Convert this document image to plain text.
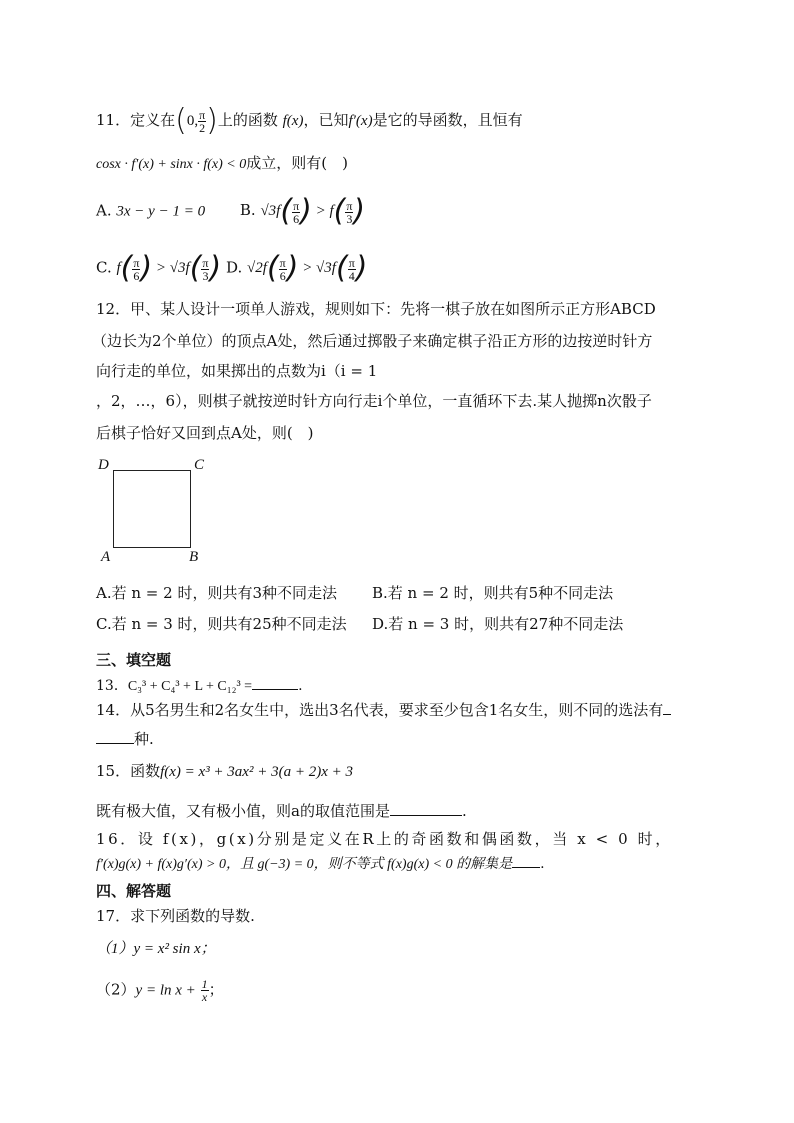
11．定义在(0, $\frac{\pi}{2}$ )上的函数 f(x)，已知f′(x)是它的导函数，且恒有
cosx · f′(x) + sinx · f(x) < 0成立，则有(　)
A. 3x − y − 1 = 0 B. $√3f( \frac{\pi}{6}$ ) > $f( \frac{\pi}{3}$ )
C. $f( \frac{\pi}{6}$ ) > $√3f( \frac{\pi}{3}$ ) D. $√2f( \frac{\pi}{6}$ ) > $√3f( \frac{\pi}{4}$ )
12．甲、某人设计一项单人游戏，规则如下：先将一棋子放在如图所示正方形ABCD
（边长为2个单位）的顶点A处，然后通过掷骰子来确定棋子沿正方形的边按逆时针方
向行走的单位，如果掷出的点数为i（i = 1
，2，…，6），则棋子就按逆时针方向行走i个单位，一直循环下去.某人抛掷n次骰子
后棋子恰好又回到点A处，则(　)
D	C
A	B
A.若 n = 2 时，则共有3种不同走法 B.若 n = 2 时，则共有5种不同走法
C.若 n = 3 时，则共有25种不同走法 D.若 n = 3 时，则共有27种不同走法
三、填空题
13．C₃³ + C₄³ + L + C₁₂³ =	.
14．从5名男生和2名女生中，选出3名代表，要求至少包含1名女生，则不同的选法有
种.
15．函数f(x) = x³ + 3ax² + 3(a + 2)x + 3
既有极大值，又有极小值，则a的取值范围是	.
16．设 f(x)，g(x)分别是定义在R上的奇函数和偶函数，当 x < 0 时，
f′(x)g(x) + f(x)g′(x) > 0，且 g(−3) = 0，则不等式 f(x)g(x) < 0 的解集是 .
四、解答题
17．求下列函数的导数.
（1）y = x² sin x；
$(2)y = \ln x + \frac{1}{x}$ ；
